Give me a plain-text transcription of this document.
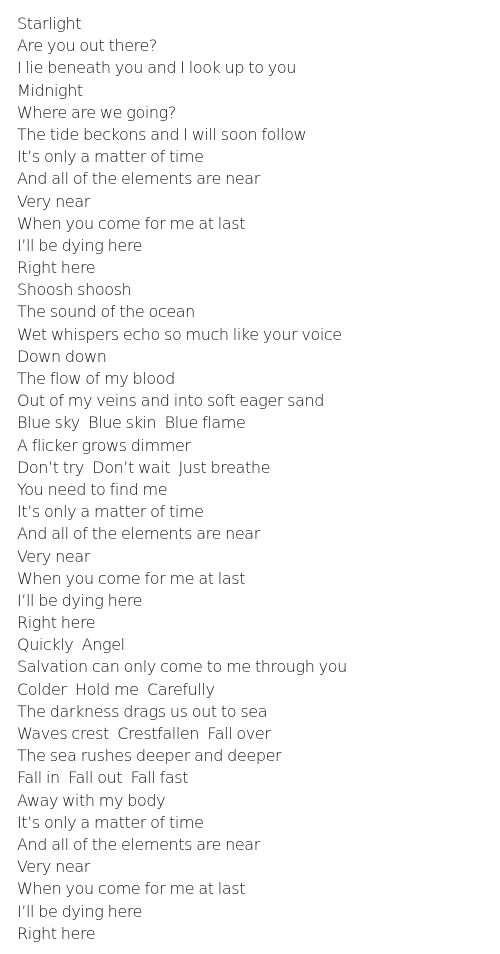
Starlight
Are you out there?
I lie beneath you and I look up to you
Midnight
Where are we going?
The tide beckons and I will soon follow
It’s only a matter of time
And all of the elements are near
Very near
When you come for me at last
I’ll be dying here
Right here
Shoosh shoosh
The sound of the ocean
Wet whispers echo so much like your voice
Down down
The flow of my blood
Out of my veins and into soft eager sand
Blue sky  Blue skin  Blue flame
A flicker grows dimmer
Don’t try  Don’t wait  Just breathe
You need to find me
It’s only a matter of time
And all of the elements are near
Very near
When you come for me at last
I’ll be dying here
Right here
Quickly  Angel
Salvation can only come to me through you
Colder  Hold me  Carefully
The darkness drags us out to sea
Waves crest  Crestfallen  Fall over
The sea rushes deeper and deeper
Fall in  Fall out  Fall fast
Away with my body
It’s only a matter of time
And all of the elements are near
Very near
When you come for me at last
I’ll be dying here
Right here
